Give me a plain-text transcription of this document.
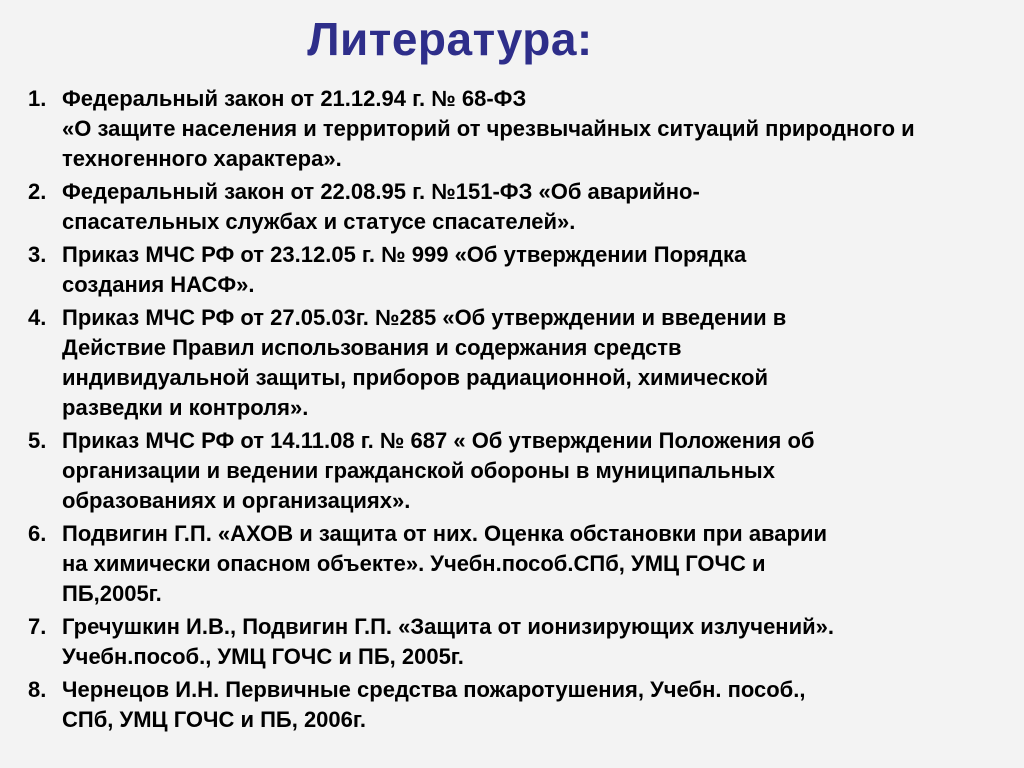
Литература:
1. Федеральный закон от 21.12.94 г. № 68-ФЗ
«О защите населения и территорий от чрезвычайных ситуаций природного и техногенного характера».
2. Федеральный закон от 22.08.95 г. №151-ФЗ «Об аварийно-
спасательных службах и статусе спасателей».
3. Приказ МЧС РФ от 23.12.05 г. № 999 «Об утверждении Порядка
создания НАСФ».
4. Приказ МЧС РФ от 27.05.03г. №285 «Об утверждении и введении в
Действие Правил использования и содержания средств
индивидуальной защиты, приборов радиационной, химической
разведки и контроля».
5. Приказ МЧС РФ от 14.11.08 г. № 687 « Об утверждении Положения об
организации и ведении гражданской обороны в муниципальных
образованиях и организациях».
6. Подвигин Г.П. «АХОВ и защита от них. Оценка обстановки при аварии
на химически опасном объекте». Учебн.пособ.СПб, УМЦ ГОЧС и
ПБ,2005г.
7. Гречушкин И.В., Подвигин Г.П. «Защита от ионизирующих излучений».
Учебн.пособ., УМЦ ГОЧС и ПБ, 2005г.
8. Чернецов И.Н. Первичные средства пожаротушения, Учебн. пособ.,
СПб, УМЦ ГОЧС и ПБ, 2006г.
